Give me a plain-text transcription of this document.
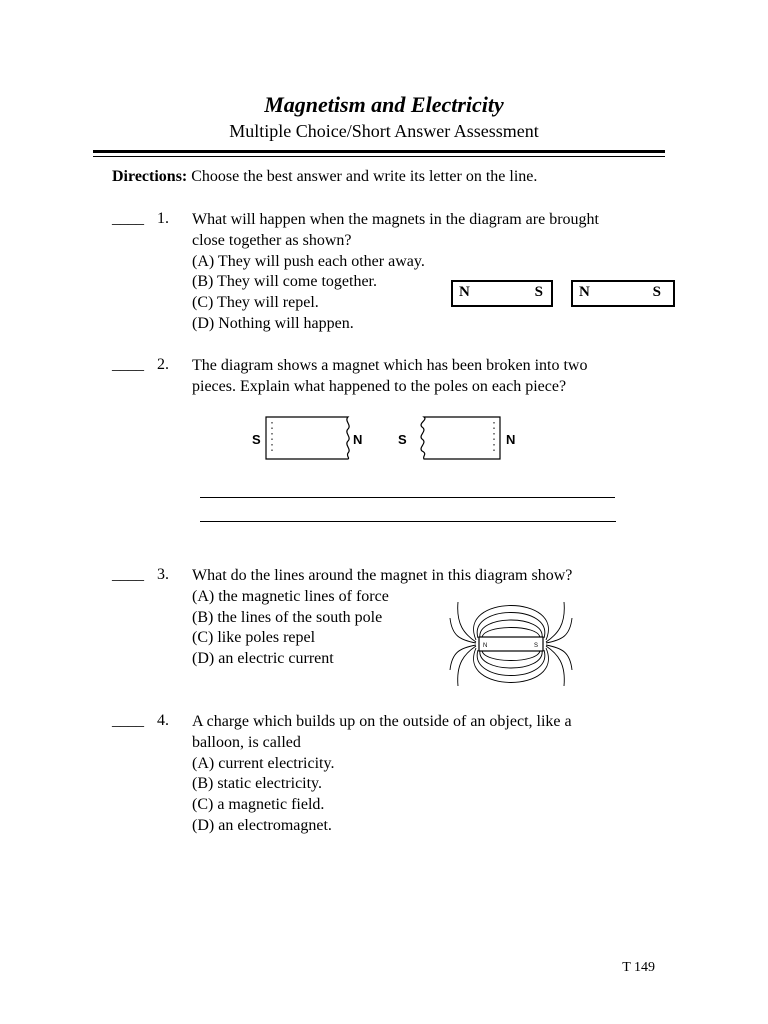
Magnetism and Electricity
Multiple Choice/Short Answer Assessment
Directions: Choose the best answer and write its letter on the line.
____ 1. What will happen when the magnets in the diagram are brought
close together as shown?
(A) They will push each other away.
(B) They will come together.
(C) They will repel.
(D) Nothing will happen.
N	S N	S
____ 2. The diagram shows a magnet which has been broken into two
pieces. Explain what happened to the poles on each piece?
S	N	S	N
____ 3. What do the lines around the magnet in this diagram show?
(A) the magnetic lines of force
(B) the lines of the south pole
(C) like poles repel
(D) an electric current
N	S
____ 4. A charge which builds up on the outside of an object, like a
balloon, is called
(A) current electricity.
(B) static electricity.
(C) a magnetic field.
(D) an electromagnet.
T 149
